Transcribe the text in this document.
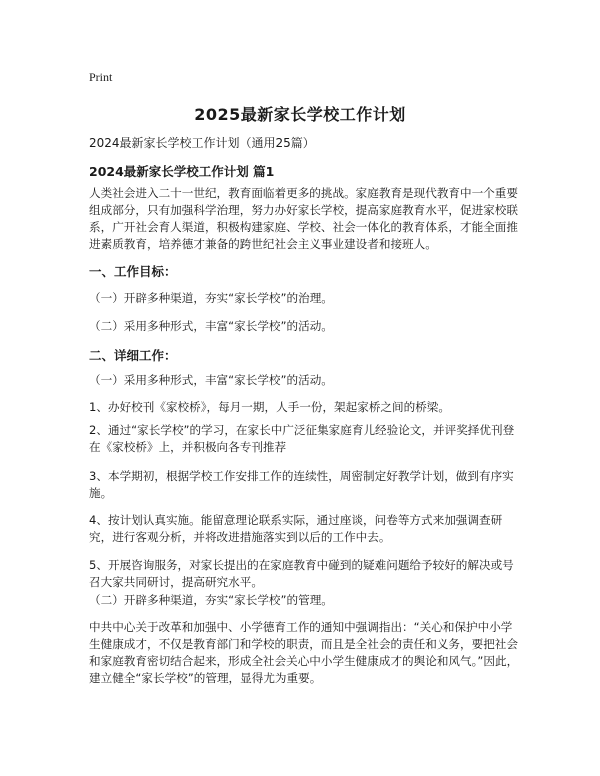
Print
2025最新家长学校工作计划
2024最新家长学校工作计划（通用25篇）
2024最新家长学校工作计划 篇1
人类社会进入二十一世纪，教育面临着更多的挑战。家庭教育是现代教育中一个重要组成部分，只有加强科学治理，努力办好家长学校，提高家庭教育水平，促进家校联系，广开社会育人渠道，积极构建家庭、学校、社会一体化的教育体系，才能全面推进素质教育，培养德才兼备的跨世纪社会主义事业建设者和接班人。
一、工作目标：
（一）开辟多种渠道，夯实“家长学校”的治理。
（二）采用多种形式，丰富“家长学校”的活动。
二、详细工作：
（一）采用多种形式，丰富“家长学校”的活动。
1、办好校刊《家校桥》，每月一期，人手一份，架起家桥之间的桥梁。
2、通过“家长学校”的学习，在家长中广泛征集家庭育儿经验论文，并评奖择优刊登在《家校桥》上，并积极向各专刊推荐
3、本学期初，根据学校工作安排工作的连续性，周密制定好教学计划，做到有序实施。
4、按计划认真实施。能留意理论联系实际，通过座谈，问卷等方式来加强调查研究，进行客观分析，并将改进措施落实到以后的工作中去。
5、开展咨询服务，对家长提出的在家庭教育中碰到的疑难问题给予较好的解决或号召大家共同研讨，提高研究水平。
（二）开辟多种渠道，夯实“家长学校”的管理。
中共中心关于改革和加强中、小学德育工作的通知中强调指出：“关心和保护中小学生健康成才，不仅是教育部门和学校的职责，而且是全社会的责任和义务，要把社会和家庭教育密切结合起来，形成全社会关心中小学生健康成才的舆论和风气。”因此，建立健全“家长学校”的管理，显得尤为重要。
